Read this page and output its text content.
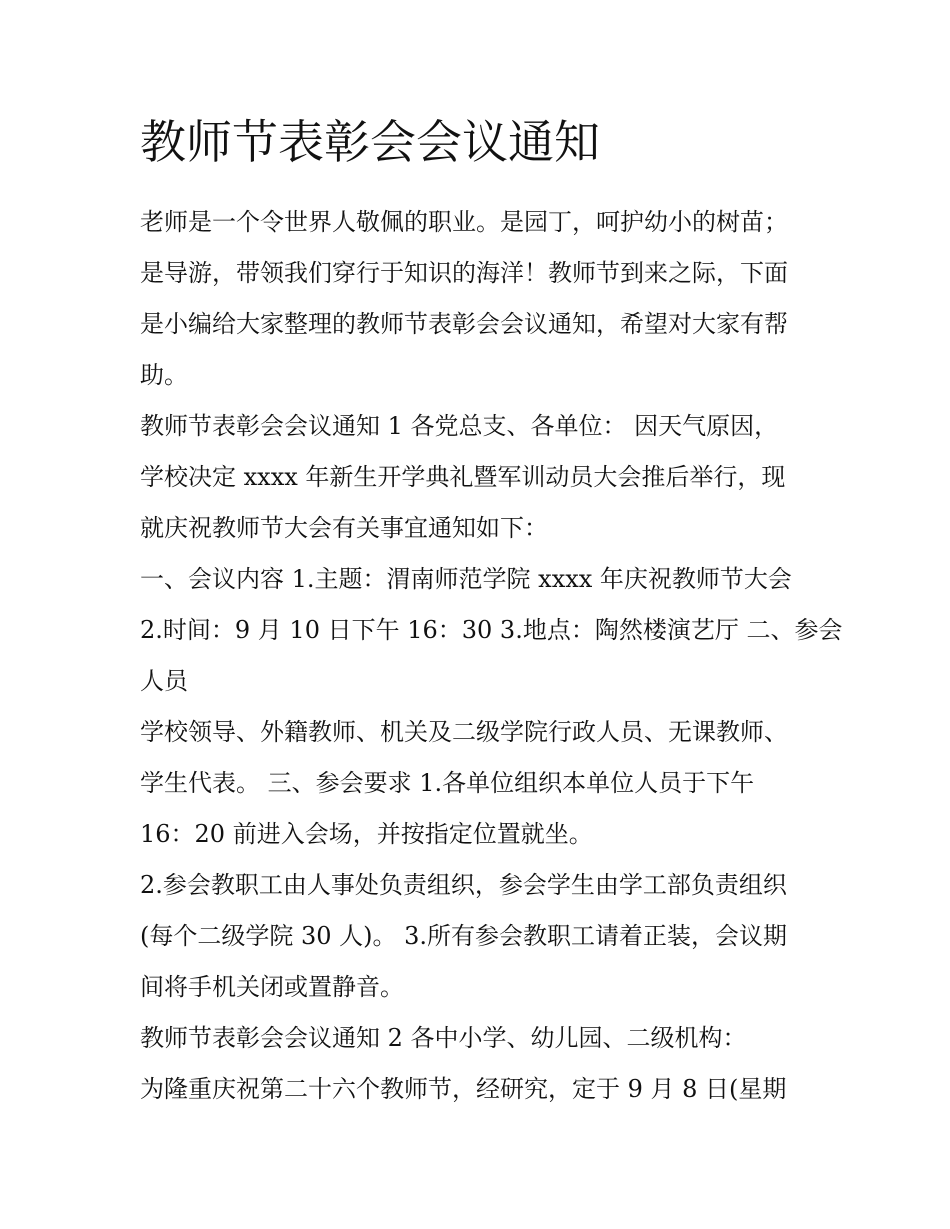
教师节表彰会会议通知

老师是一个令世界人敬佩的职业。是园丁，呵护幼小的树苗；

是导游，带领我们穿行于知识的海洋！教师节到来之际，下面

是小编给大家整理的教师节表彰会会议通知，希望对大家有帮

助。

教师节表彰会会议通知 1 各党总支、各单位： 因天气原因，

学校决定 xxxx 年新生开学典礼暨军训动员大会推后举行，现

就庆祝教师节大会有关事宜通知如下：

一、会议内容 1.主题：渭南师范学院 xxxx 年庆祝教师节大会

2.时间：9 月 10 日下午 16：30 3.地点：陶然楼演艺厅 二、参会

人员

学校领导、外籍教师、机关及二级学院行政人员、无课教师、

学生代表。 三、参会要求 1.各单位组织本单位人员于下午

16：20 前进入会场，并按指定位置就坐。

2.参会教职工由人事处负责组织，参会学生由学工部负责组织

(每个二级学院 30 人)。 3.所有参会教职工请着正装，会议期

间将手机关闭或置静音。

教师节表彰会会议通知 2 各中小学、幼儿园、二级机构：

为隆重庆祝第二十六个教师节，经研究，定于 9 月 8 日(星期
